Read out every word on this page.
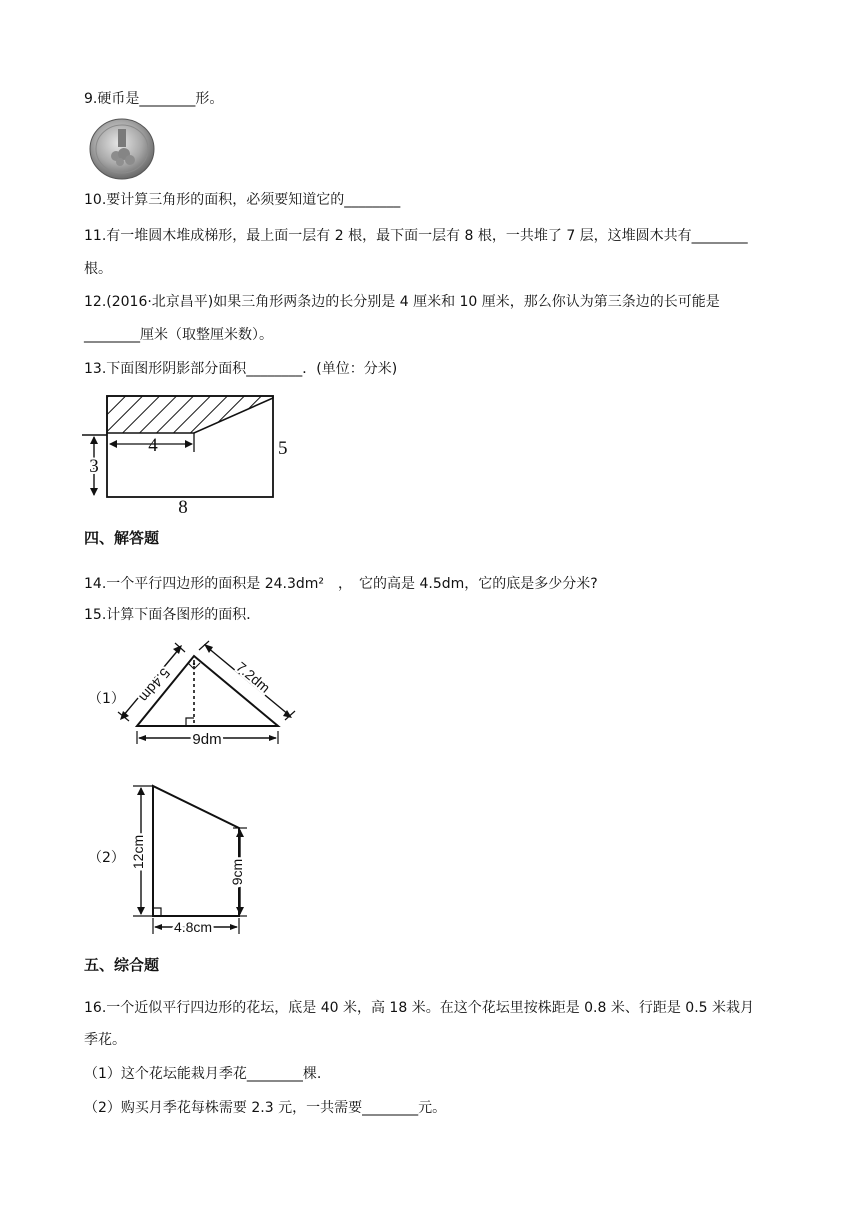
9.硬币是________形。
10.要计算三角形的面积，必须要知道它的________
11.有一堆圆木堆成梯形，最上面一层有 2 根，最下面一层有 8 根，一共堆了 7 层，这堆圆木共有________
根。
12.(2016·北京昌平)如果三角形两条边的长分别是 4 厘米和 10 厘米，那么你认为第三条边的长可能是
________厘米（取整厘米数）。
13.下面图形阴影部分面积________．(单位：分米)
4	5
3
8
四、解答题
14.一个平行四边形的面积是 24.3dm²　，　它的高是 4.5dm，它的底是多少分米?
15.计算下面各图形的面积．
（1） 5.4dm	7.2dm
9dm
（2） 12cm
9cm
4.8cm
五、综合题
16.一个近似平行四边形的花坛，底是 40 米，高 18 米。在这个花坛里按株距是 0.8 米、行距是 0.5 米栽月
季花。
（1）这个花坛能栽月季花________棵.
（2）购买月季花每株需要 2.3 元，一共需要________元。
